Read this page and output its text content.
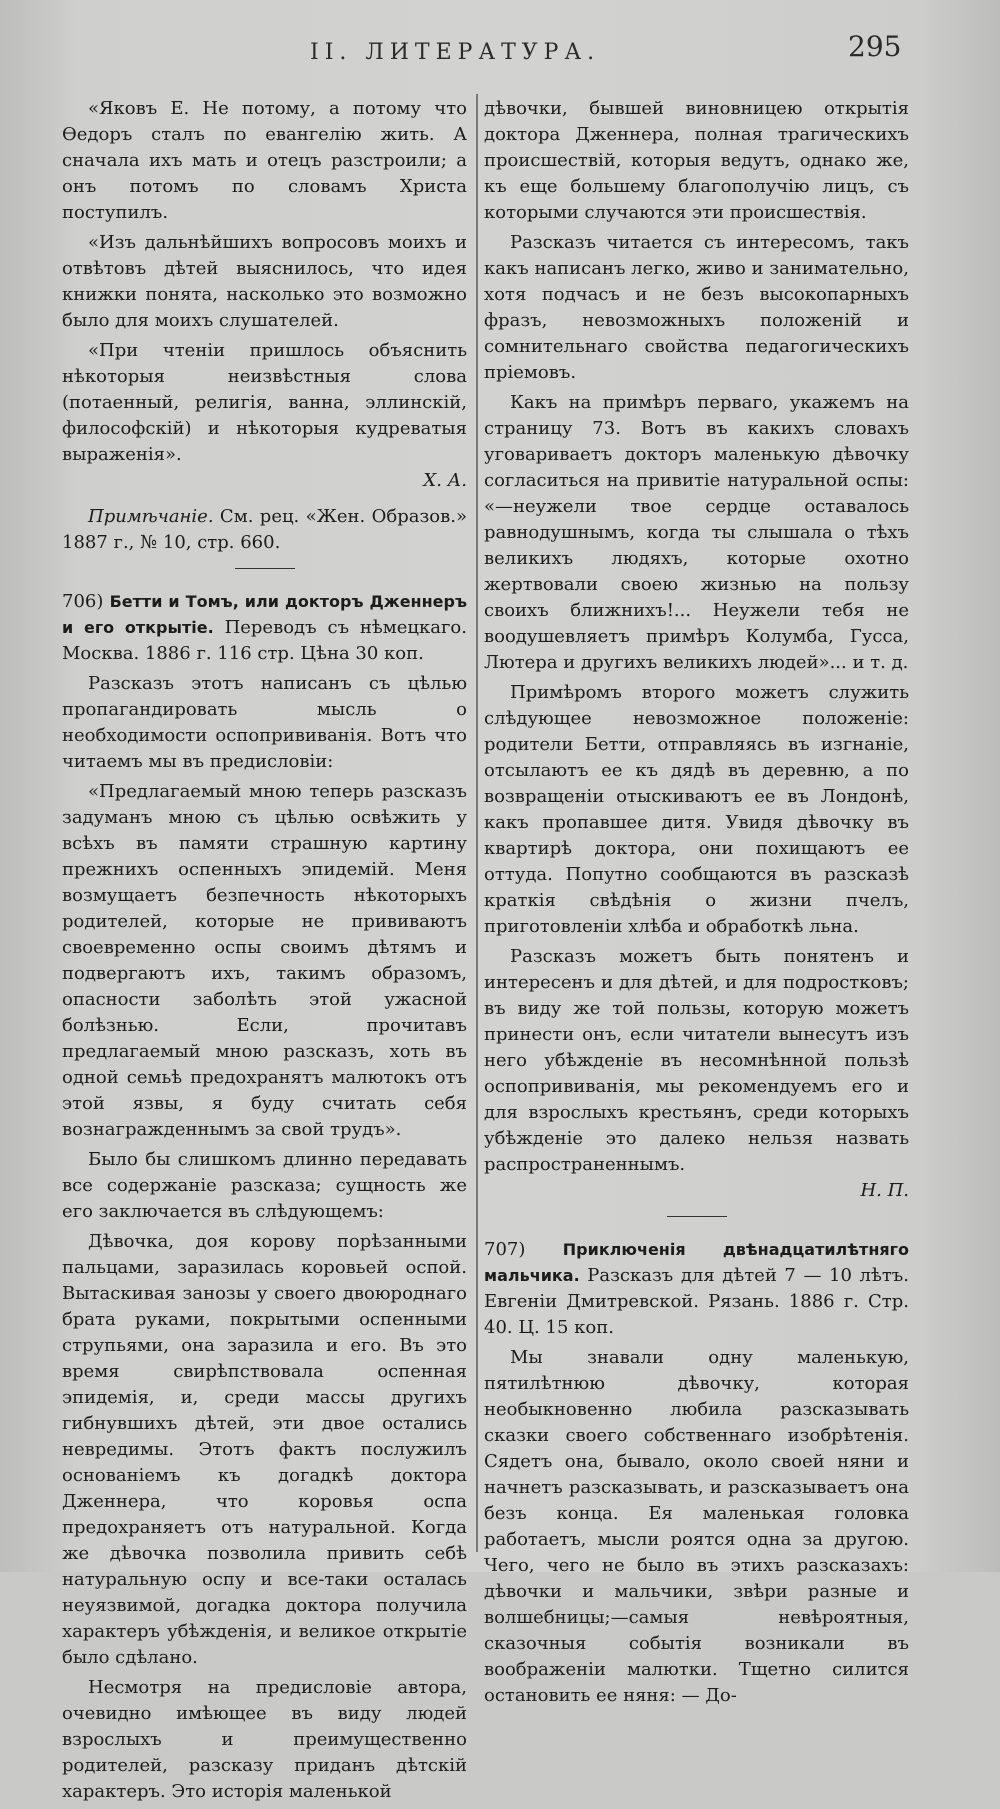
II. ЛИТЕРАТУРА.	295

«Яковъ Е. Не потому, а потому что Өедоръ сталъ по евангелію жить. А сначала ихъ мать и отецъ разстроили; а онъ потомъ по словамъ Христа поступилъ.

«Изъ дальнѣйшихъ вопросовъ моихъ и отвѣтовъ дѣтей выяснилось, что идея книжки понята, насколько это возможно было для моихъ слушателей.

«При чтеніи пришлось объяснить нѣкоторыя неизвѣстныя слова (потаенный, религія, ванна, эллинскій, философскій) и нѣкоторыя кудреватыя выраженія».
Х. А.

Примѣчаніе. См. рец. «Жен. Образов.» 1887 г., № 10, стр. 660.

706) Бетти и Томъ, или докторъ Дженнеръ и его открытіе. Переводъ съ нѣмецкаго. Москва. 1886 г. 116 стр. Цѣна 30 коп.

Разсказъ этотъ написанъ съ цѣлью пропагандировать мысль о необходимости оспопрививанія. Вотъ что читаемъ мы въ предисловіи:

«Предлагаемый мною теперь разсказъ задуманъ мною съ цѣлью освѣжить у всѣхъ въ памяти страшную картину прежнихъ оспенныхъ эпидемій. Меня возмущаетъ безпечность нѣкоторыхъ родителей, которые не прививаютъ своевременно оспы своимъ дѣтямъ и подвергаютъ ихъ, такимъ образомъ, опасности заболѣть этой ужасной болѣзнью. Если, прочитавъ предлагаемый мною разсказъ, хоть въ одной семьѣ предохранятъ малютокъ отъ этой язвы, я буду считать себя вознагражденнымъ за свой трудъ».

Было бы слишкомъ длинно передавать все содержаніе разсказа; сущность же его заключается въ слѣдующемъ:

Дѣвочка, доя корову порѣзанными пальцами, заразилась коровьей оспой. Вытаскивая занозы у своего двоюроднаго брата руками, покрытыми оспенными струпьями, она заразила и его. Въ это время свирѣпствовала оспенная эпидемія, и, среди массы другихъ гибнувшихъ дѣтей, эти двое остались невредимы. Этотъ фактъ послужилъ основаніемъ къ догадкѣ доктора Дженнера, что коровья оспа предохраняетъ отъ натуральной. Когда же дѣвочка позволила привить себѣ натуральную оспу и все-таки осталась неуязвимой, догадка доктора получила характеръ убѣжденія, и великое открытіе было сдѣлано.

Несмотря на предисловіе автора, очевидно имѣющее въ виду людей взрослыхъ и преимущественно родителей, разсказу приданъ дѣтскій характеръ. Это исторія маленькой

дѣвочки, бывшей виновницею открытія доктора Дженнера, полная трагическихъ происшествій, которыя ведутъ, однако же, къ еще большему благополучію лицъ, съ которыми случаются эти происшествія.

Разсказъ читается съ интересомъ, такъ какъ написанъ легко, живо и занимательно, хотя подчасъ и не безъ высокопарныхъ фразъ, невозможныхъ положеній и сомнительнаго свойства педагогическихъ пріемовъ.

Какъ на примѣръ перваго, укажемъ на страницу 73. Вотъ въ какихъ словахъ уговариваетъ докторъ маленькую дѣвочку согласиться на привитіе натуральной оспы: «—неужели твое сердце оставалось равнодушнымъ, когда ты слышала о тѣхъ великихъ людяхъ, которые охотно жертвовали своею жизнью на пользу своихъ ближнихъ!... Неужели тебя не воодушевляетъ примѣръ Колумба, Гусса, Лютера и другихъ великихъ людей»... и т. д.

Примѣромъ второго можетъ служить слѣдующее невозможное положеніе: родители Бетти, отправляясь въ изгнаніе, отсылаютъ ее къ дядѣ въ деревню, а по возвращеніи отыскиваютъ ее въ Лондонѣ, какъ пропавшее дитя. Увидя дѣвочку въ квартирѣ доктора, они похищаютъ ее оттуда. Попутно сообщаются въ разсказѣ краткія свѣдѣнія о жизни пчелъ, приготовленіи хлѣба и обработкѣ льна.

Разсказъ можетъ быть понятенъ и интересенъ и для дѣтей, и для подростковъ; въ виду же той пользы, которую можетъ принести онъ, если читатели вынесутъ изъ него убѣжденіе въ несомнѣнной пользѣ оспопрививанія, мы рекомендуемъ его и для взрослыхъ крестьянъ, среди которыхъ убѣжденіе это далеко нельзя назвать распространеннымъ.
Н. П.

707) Приключенія двѣнадцатилѣтняго мальчика. Разсказъ для дѣтей 7 — 10 лѣтъ. Евгеніи Дмитревской. Рязань. 1886 г. Стр. 40. Ц. 15 коп.

Мы знавали одну маленькую, пятилѣтнюю дѣвочку, которая необыкновенно любила разсказывать сказки своего собственнаго изобрѣтенія. Сядетъ она, бывало, около своей няни и начнетъ разсказывать, и разсказываетъ она безъ конца. Ея маленькая головка работаетъ, мысли роятся одна за другою. Чего, чего не было въ этихъ разсказахъ: дѣвочки и мальчики, звѣри разные и волшебницы;—самыя невѣроятныя, сказочныя событія возникали въ воображеніи малютки. Тщетно силится остановить ее няня: — До-
